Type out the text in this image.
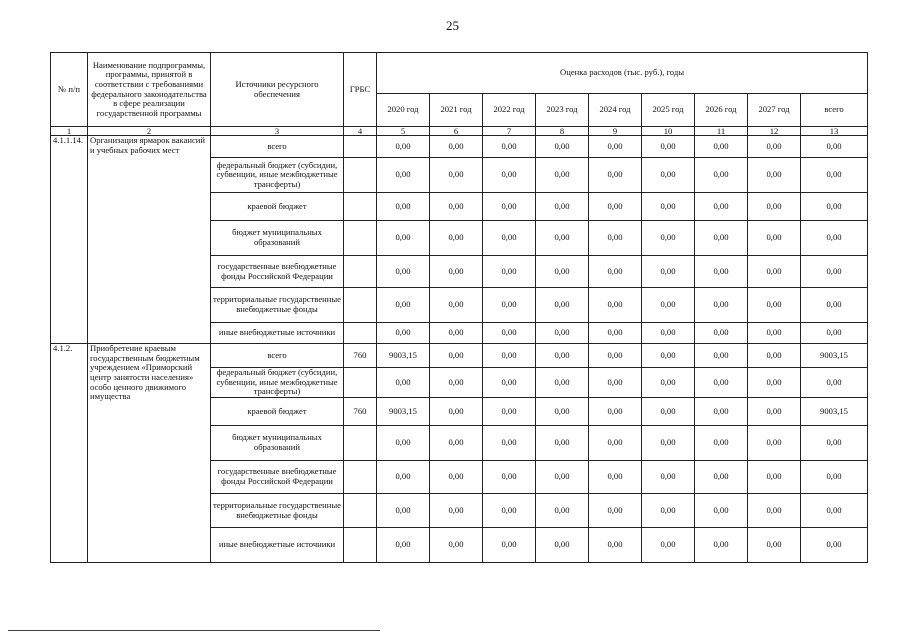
25
№ п/п	Наименование подпрограммы, программы, принятой в соответствии с требованиями федерального законодательства в сфере реализации государственной программы	Источники ресурсного обеспечения	ГРБС	Оценка расходов (тыс. руб.), годы								
				2020 год	2021 год	2022 год	2023 год	2024 год	2025 год	2026 год	2027 год	всего
1	2	3	4	5	6	7	8	9	10	11	12	13
4.1.1.14.	Организация ярмарок вакансий и учебных рабочих мест	всего		0,00	0,00	0,00	0,00	0,00	0,00	0,00	0,00	0,00
		федеральный бюджет (субсидии, субвенции, иные межбюджетные трансферты)		0,00	0,00	0,00	0,00	0,00	0,00	0,00	0,00	0,00
		краевой бюджет		0,00	0,00	0,00	0,00	0,00	0,00	0,00	0,00	0,00
		бюджет муниципальных образований		0,00	0,00	0,00	0,00	0,00	0,00	0,00	0,00	0,00
		государственные внебюджетные фонды Российской Федерации		0,00	0,00	0,00	0,00	0,00	0,00	0,00	0,00	0,00
		территориальные государственные внебюджетные фонды		0,00	0,00	0,00	0,00	0,00	0,00	0,00	0,00	0,00
		иные внебюджетные источники		0,00	0,00	0,00	0,00	0,00	0,00	0,00	0,00	0,00
4.1.2.	Приобретение краевым государственным бюджетным учреждением «Приморский центр занятости населения» особо ценного движимого имущества	всего	760	9003,15	0,00	0,00	0,00	0,00	0,00	0,00	0,00	9003,15
		федеральный бюджет (субсидии, субвенции, иные межбюджетные трансферты)		0,00	0,00	0,00	0,00	0,00	0,00	0,00	0,00	0,00
		краевой бюджет	760	9003,15	0,00	0,00	0,00	0,00	0,00	0,00	0,00	9003,15
		бюджет муниципальных образований		0,00	0,00	0,00	0,00	0,00	0,00	0,00	0,00	0,00
		государственные внебюджетные фонды Российской Федерации		0,00	0,00	0,00	0,00	0,00	0,00	0,00	0,00	0,00
		территориальные государственные внебюджетные фонды		0,00	0,00	0,00	0,00	0,00	0,00	0,00	0,00	0,00
		иные внебюджетные источники		0,00	0,00	0,00	0,00	0,00	0,00	0,00	0,00	0,00
